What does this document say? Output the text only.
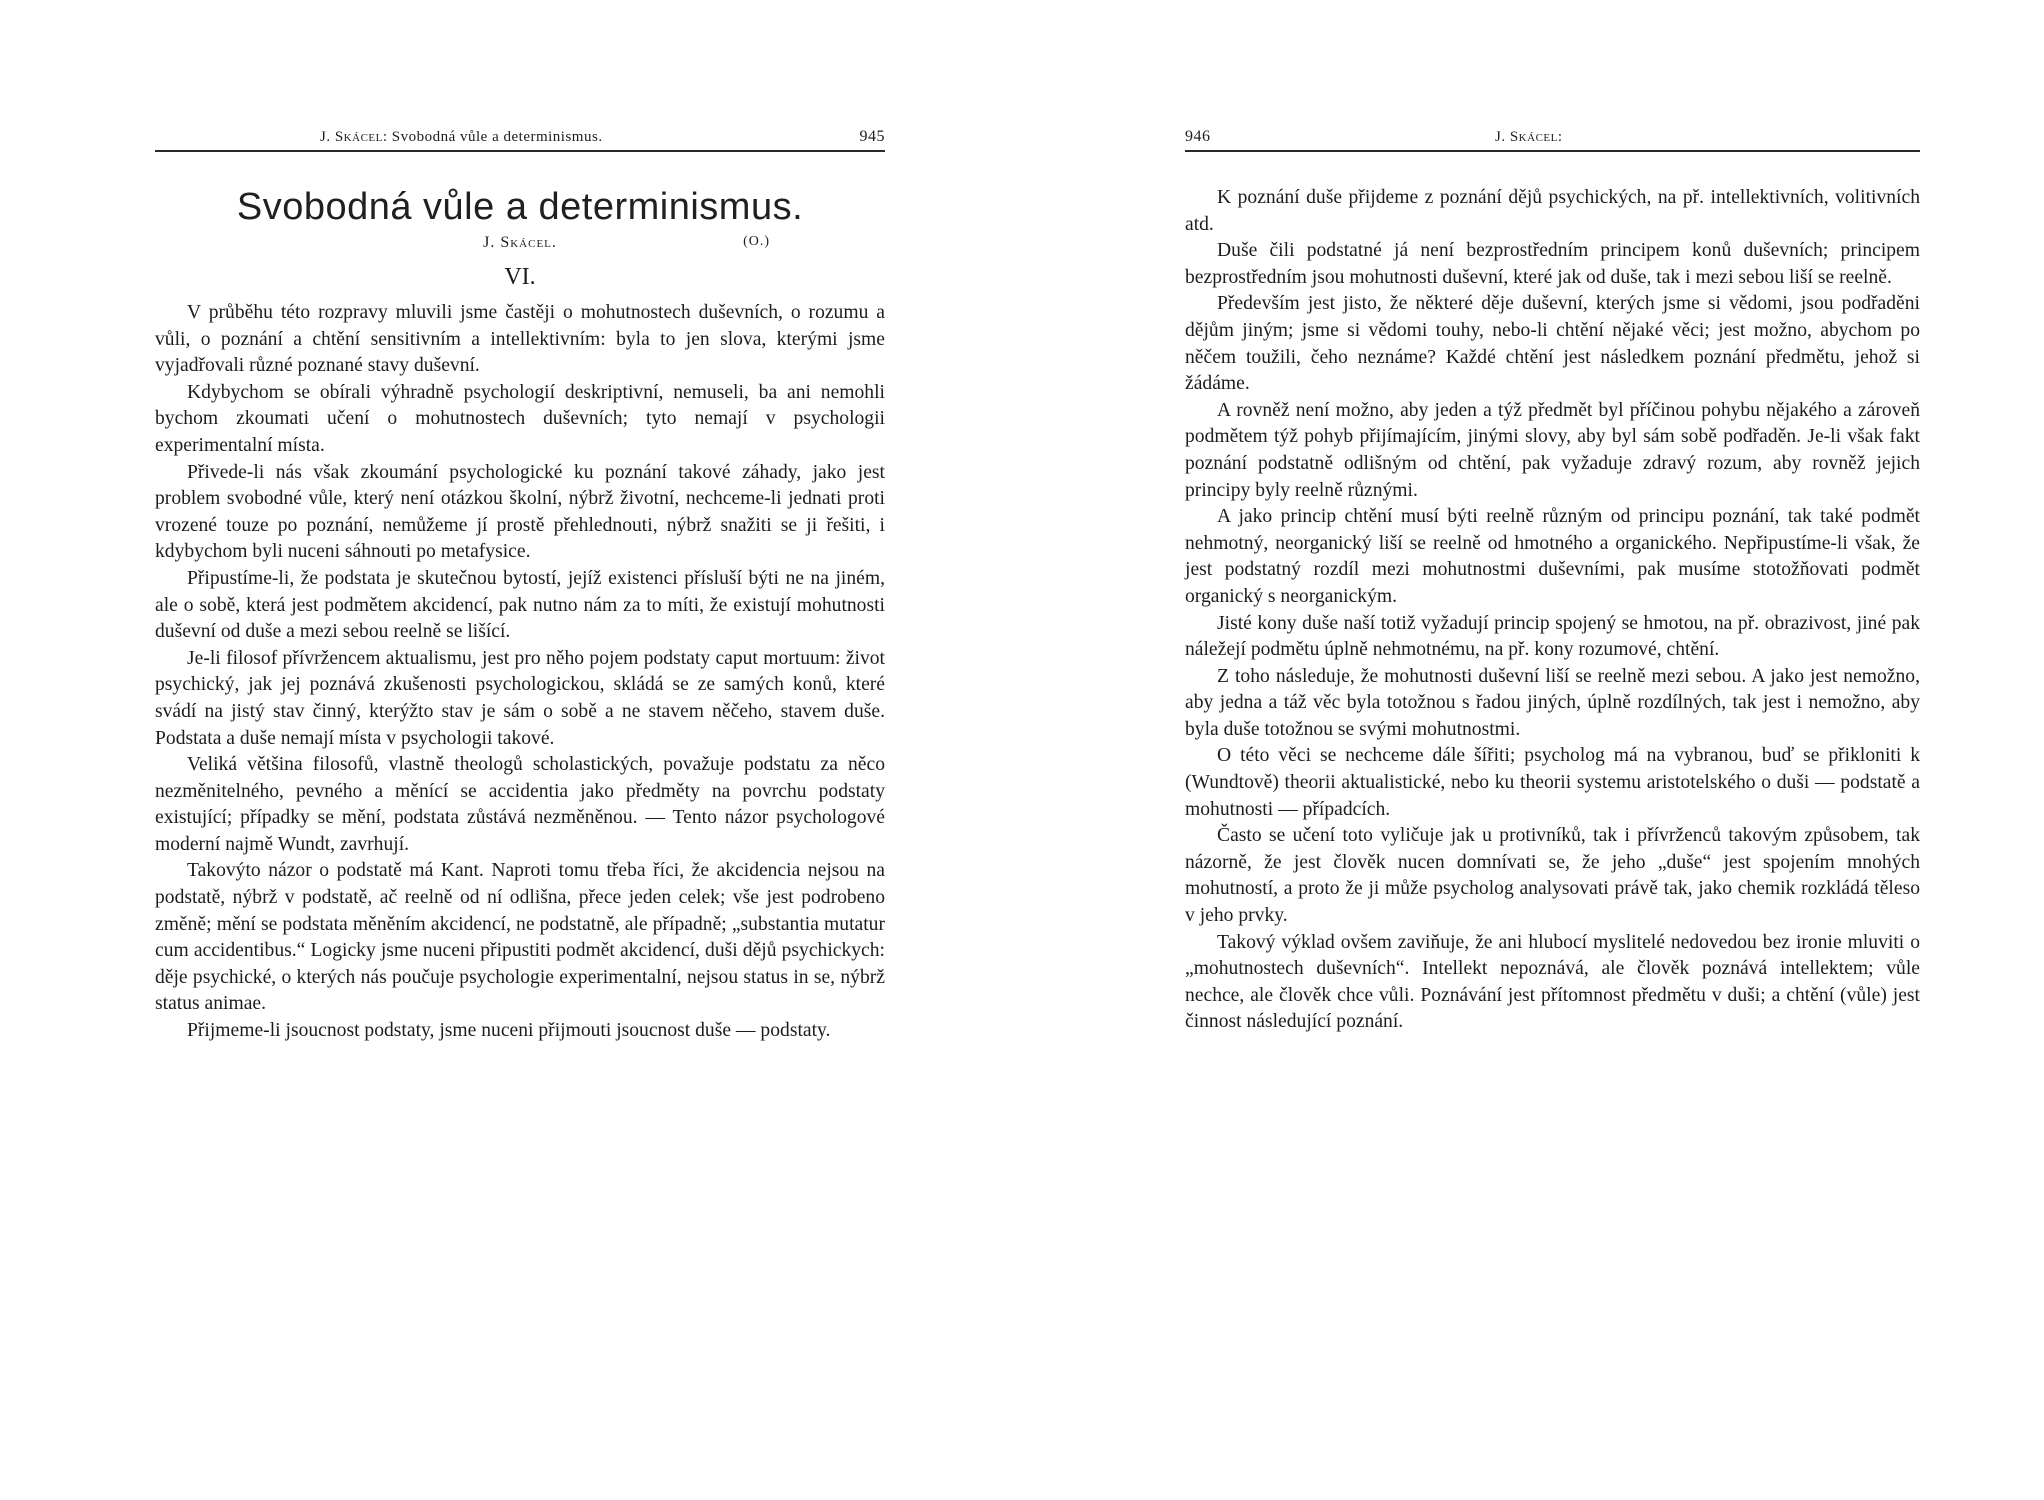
J. Skácel: Svobodná vůle a determinismus.	945
Svobodná vůle a determinismus.
J. Skácel.	(O.)
VI.

V průběhu této rozpravy mluvili jsme častěji o mohutnostech duševních, o rozumu a vůli, o poznání a chtění sensitivním a intellektivním: byla to jen slova, kterými jsme vyjadřovali různé poznané stavy duševní.

Kdybychom se obírali výhradně psychologií deskriptivní, nemuseli, ba ani nemohli bychom zkoumati učení o mohutnostech duševních; tyto nemají v psychologii experimentalní místa.

Přivede-li nás však zkoumání psychologické ku poznání takové záhady, jako jest problem svobodné vůle, který není otázkou školní, nýbrž životní, nechceme-li jednati proti vrozené touze po poznání, nemůžeme jí prostě přehlednouti, nýbrž snažiti se ji řešiti, i kdybychom byli nuceni sáhnouti po metafysice.

Připustíme-li, že podstata je skutečnou bytostí, jejíž existenci přísluší býti ne na jiném, ale o sobě, která jest podmětem akcidencí, pak nutno nám za to míti, že existují mohutnosti duševní od duše a mezi sebou reelně se lišící.

Je-li filosof přívržencem aktualismu, jest pro něho pojem podstaty caput mortuum: život psychický, jak jej poznává zkušenosti psychologickou, skládá se ze samých konů, které svádí na jistý stav činný, kterýžto stav je sám o sobě a ne stavem něčeho, stavem duše. Podstata a duše nemají místa v psychologii takové.

Veliká většina filosofů, vlastně theologů scholastických, považuje podstatu za něco nezměnitelného, pevného a měnící se accidentia jako předměty na povrchu podstaty existující; případky se mění, podstata zůstává nezměněnou. — Tento názor psychologové moderní najmě Wundt, zavrhují.

Takovýto názor o podstatě má Kant. Naproti tomu třeba říci, že akcidencia nejsou na podstatě, nýbrž v podstatě, ač reelně od ní odlišna, přece jeden celek; vše jest podrobeno změně; mění se podstata měněním akcidencí, ne podstatně, ale případně; „substantia mutatur cum accidentibus.“ Logicky jsme nuceni připustiti podmět akcidencí, duši dějů psychickych: děje psychické, o kterých nás poučuje psychologie experimentalní, nejsou status in se, nýbrž status animae.

Přijmeme-li jsoucnost podstaty, jsme nuceni přijmouti jsoucnost duše — podstaty.

946	J. Skácel:

K poznání duše přijdeme z poznání dějů psychických, na př. intellektivních, volitivních atd.

Duše čili podstatné já není bezprostředním principem konů duševních; principem bezprostředním jsou mohutnosti duševní, které jak od duše, tak i mezi sebou liší se reelně.

Především jest jisto, že některé děje duševní, kterých jsme si vědomi, jsou podřaděni dějům jiným; jsme si vědomi touhy, nebo-li chtění nějaké věci; jest možno, abychom po něčem toužili, čeho neznáme? Každé chtění jest následkem poznání předmětu, jehož si žádáme.

A rovněž není možno, aby jeden a týž předmět byl příčinou pohybu nějakého a zároveň podmětem týž pohyb přijímajícím, jinými slovy, aby byl sám sobě podřaděn. Je-li však fakt poznání podstatně odlišným od chtění, pak vyžaduje zdravý rozum, aby rovněž jejich principy byly reelně různými.

A jako princip chtění musí býti reelně různým od principu poznání, tak také podmět nehmotný, neorganický liší se reelně od hmotného a organického. Nepřipustíme-li však, že jest podstatný rozdíl mezi mohutnostmi duševními, pak musíme stotožňovati podmět organický s neorganickým.

Jisté kony duše naší totiž vyžadují princip spojený se hmotou, na př. obrazivost, jiné pak náležejí podmětu úplně nehmotnému, na př. kony rozumové, chtění.

Z toho následuje, že mohutnosti duševní liší se reelně mezi sebou. A jako jest nemožno, aby jedna a táž věc byla totožnou s řadou jiných, úplně rozdílných, tak jest i nemožno, aby byla duše totožnou se svými mohutnostmi.

O této věci se nechceme dále šířiti; psycholog má na vybranou, buď se přikloniti k (Wundtově) theorii aktualistické, nebo ku theorii systemu aristotelského o duši — podstatě a mohutnosti — případcích.

Často se učení toto vyličuje jak u protivníků, tak i přívrženců takovým způsobem, tak názorně, že jest člověk nucen domnívati se, že jeho „duše“ jest spojením mnohých mohutností, a proto že ji může psycholog analysovati právě tak, jako chemik rozkládá těleso v jeho prvky.

Takový výklad ovšem zaviňuje, že ani hlubocí myslitelé nedovedou bez ironie mluviti o „mohutnostech duševních“. Intellekt nepoznává, ale člověk poznává intellektem; vůle nechce, ale člověk chce vůli. Poznávání jest přítomnost předmětu v duši; a chtění (vůle) jest činnost následující poznání.
